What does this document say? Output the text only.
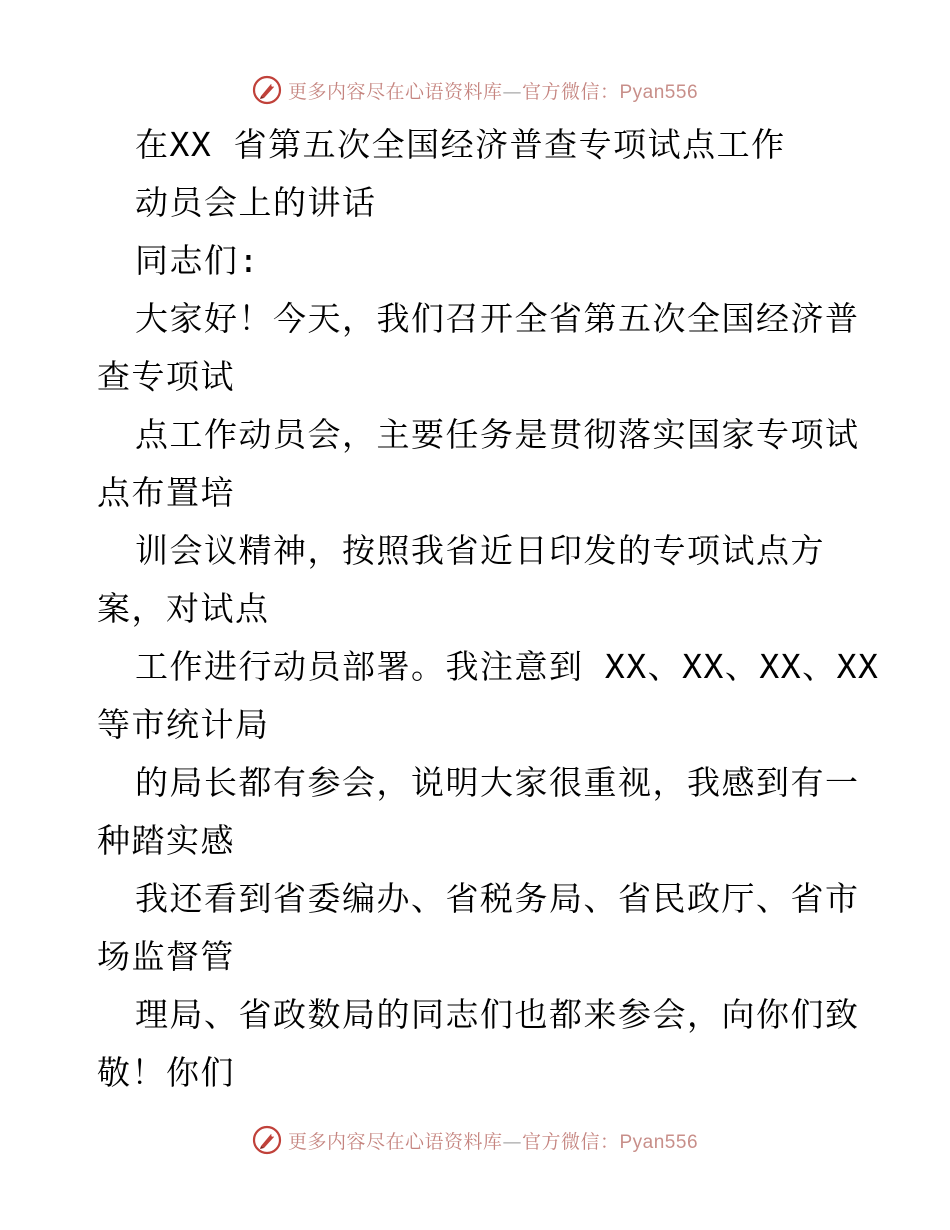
更多内容尽在心语资料库—官方微信：Pyan556
在XX 省第五次全国经济普查专项试点工作
动员会上的讲话
同志们:
大家好！今天，我们召开全省第五次全国经济普
查专项试
点工作动员会，主要任务是贯彻落实国家专项试
点布置培
训会议精神，按照我省近日印发的专项试点方
案，对试点
工作进行动员部署。我注意到 XX、XX、XX、XX
等市统计局
的局长都有参会，说明大家很重视，我感到有一
种踏实感
我还看到省委编办、省税务局、省民政厅、省市
场监督管
理局、省政数局的同志们也都来参会，向你们致
敬！你们
更多内容尽在心语资料库—官方微信：Pyan556
